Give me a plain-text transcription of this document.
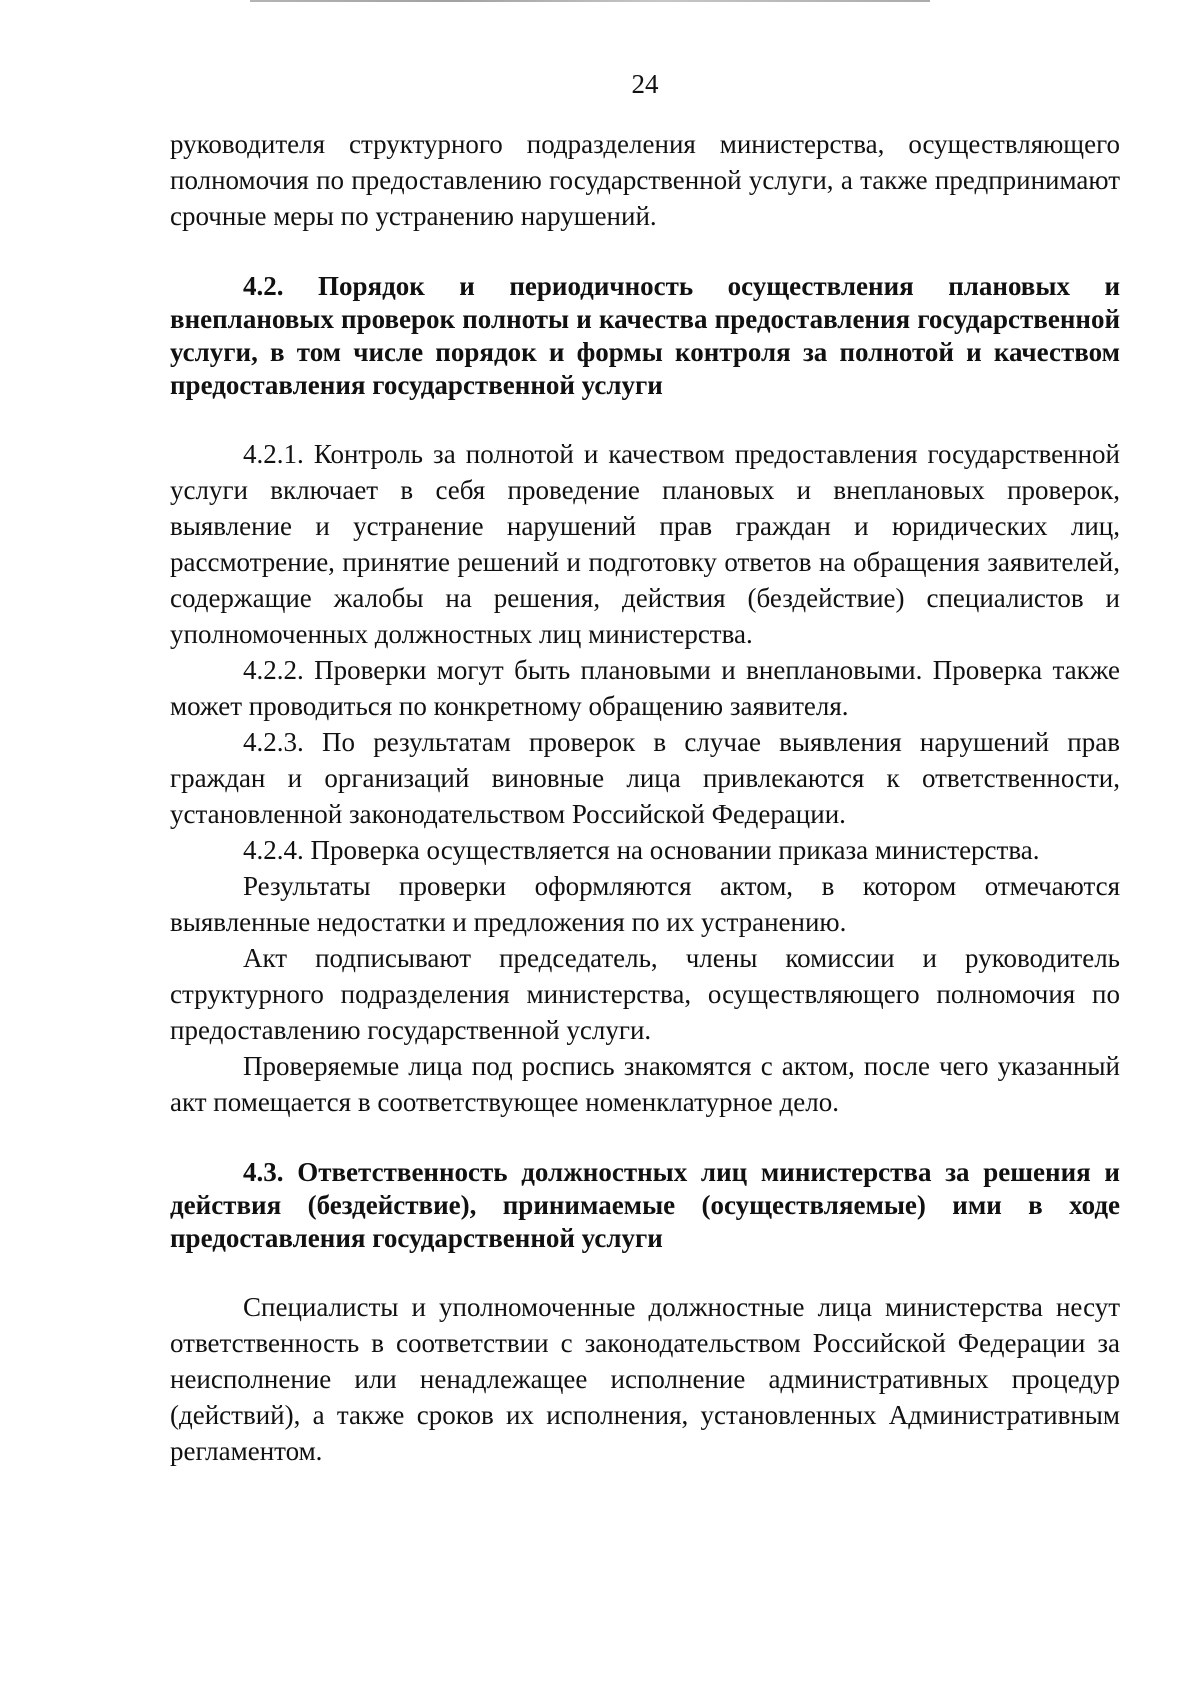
24

руководителя структурного подразделения министерства, осуществляющего полномочия по предоставлению государственной услуги, а также предпринимают срочные меры по устранению нарушений.

4.2. Порядок и периодичность осуществления плановых и внеплановых проверок полноты и качества предоставления государственной услуги, в том числе порядок и формы контроля за полнотой и качеством предоставления государственной услуги

4.2.1. Контроль за полнотой и качеством предоставления государственной услуги включает в себя проведение плановых и внеплановых проверок, выявление и устранение нарушений прав граждан и юридических лиц, рассмотрение, принятие решений и подготовку ответов на обращения заявителей, содержащие жалобы на решения, действия (бездействие) специалистов и уполномоченных должностных лиц министерства.

4.2.2. Проверки могут быть плановыми и внеплановыми. Проверка также может проводиться по конкретному обращению заявителя.

4.2.3. По результатам проверок в случае выявления нарушений прав граждан и организаций виновные лица привлекаются к ответственности, установленной законодательством Российской Федерации.

4.2.4. Проверка осуществляется на основании приказа министерства.

Результаты проверки оформляются актом, в котором отмечаются выявленные недостатки и предложения по их устранению.

Акт подписывают председатель, члены комиссии и руководитель структурного подразделения министерства, осуществляющего полномочия по предоставлению государственной услуги.

Проверяемые лица под роспись знакомятся с актом, после чего указанный акт помещается в соответствующее номенклатурное дело.

4.3. Ответственность должностных лиц министерства за решения и действия (бездействие), принимаемые (осуществляемые) ими в ходе предоставления государственной услуги

Специалисты и уполномоченные должностные лица министерства несут ответственность в соответствии с законодательством Российской Федерации за неисполнение или ненадлежащее исполнение административных процедур (действий), а также сроков их исполнения, установленных Административным регламентом.
